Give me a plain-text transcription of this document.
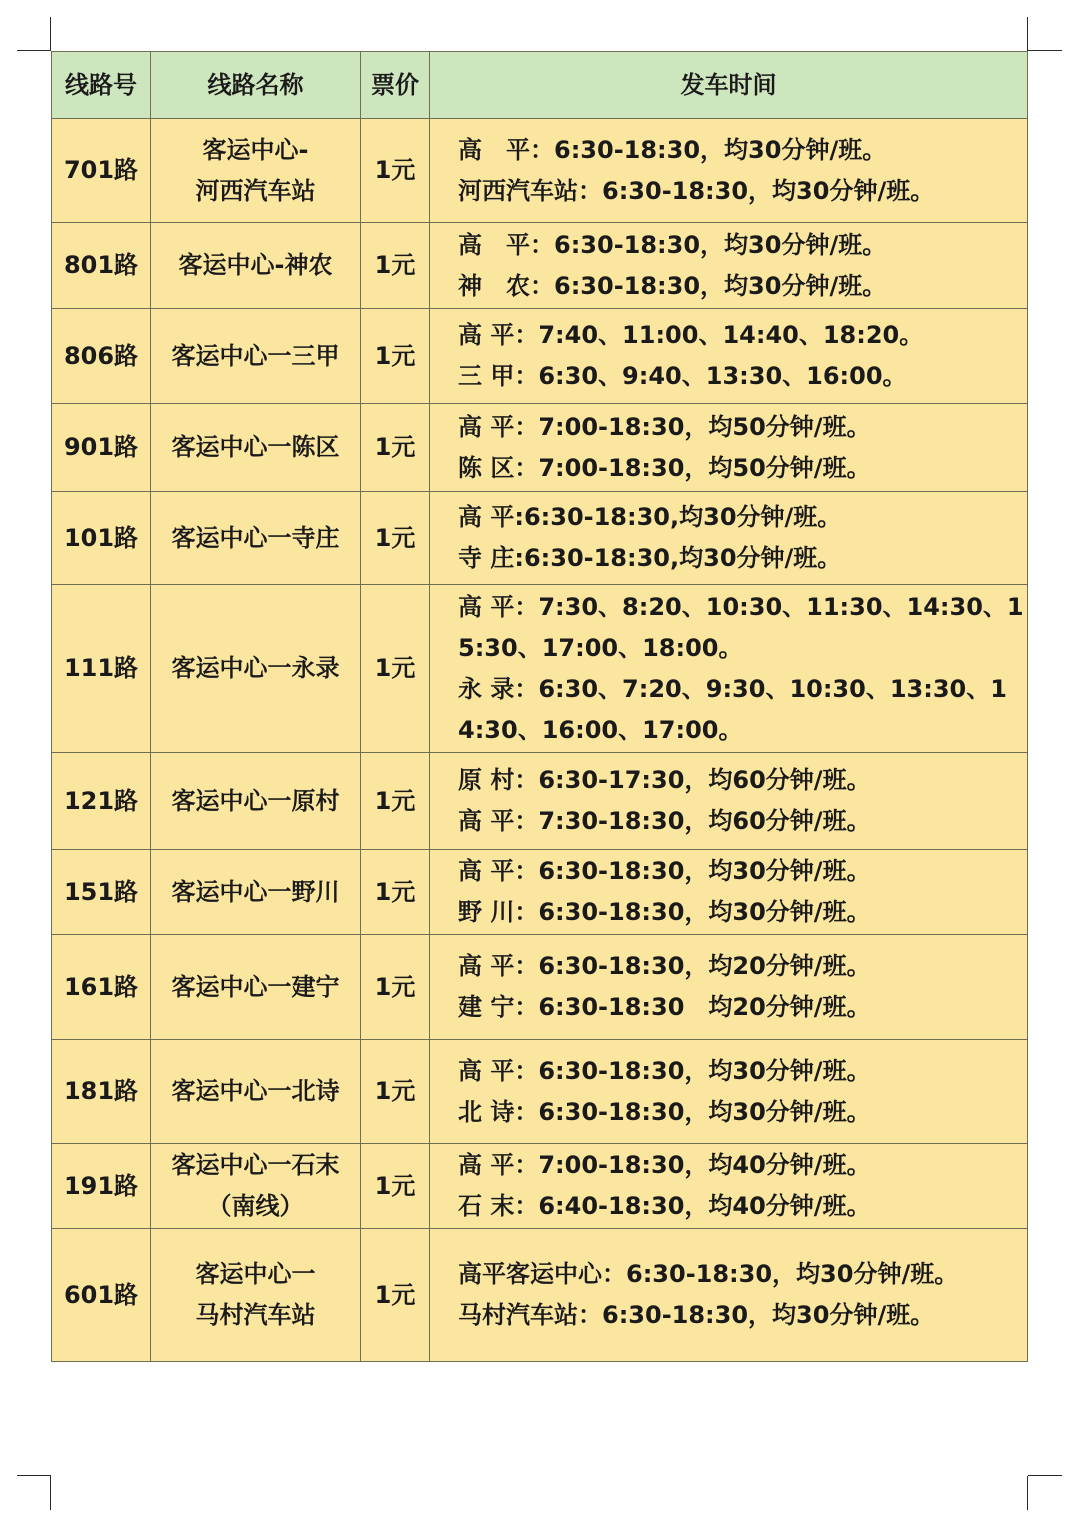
线路号	线路名称	票价	发车时间
701路	客运中心-
河西汽车站	1元	高　平：6:30-18:30，均30分钟/班。
河西汽车站：6:30-18:30，均30分钟/班。

801路	客运中心-神农	1元	高　平：6:30-18:30，均30分钟/班。
神　农：6:30-18:30，均30分钟/班。

806路	客运中心一三甲	1元	高 平：7:40、11:00、14:40、18:20。
三 甲：6:30、9:40、13:30、16:00。

901路	客运中心一陈区	1元	高 平：7:00-18:30，均50分钟/班。
陈 区：7:00-18:30，均50分钟/班。

101路	客运中心一寺庄	1元	高 平:6:30-18:30,均30分钟/班。
寺 庄:6:30-18:30,均30分钟/班。

111路	客运中心一永录	1元	高 平：7:30、8:20、10:30、11:30、14:30、15:30、17:00、18:00。
永 录：6:30、7:20、9:30、10:30、13:30、14:30、16:00、17:00。

121路	客运中心一原村	1元	原 村：6:30-17:30，均60分钟/班。
高 平：7:30-18:30，均60分钟/班。

151路	客运中心一野川	1元	高 平：6:30-18:30，均30分钟/班。
野 川：6:30-18:30，均30分钟/班。

161路	客运中心一建宁	1元	高 平：6:30-18:30，均20分钟/班。
建 宁：6:30-18:30　均20分钟/班。

181路	客运中心一北诗	1元	高 平：6:30-18:30，均30分钟/班。
北 诗：6:30-18:30，均30分钟/班。

191路	客运中心一石末
（南线）	1元	高 平：7:00-18:30，均40分钟/班。
石 末：6:40-18:30，均40分钟/班。

601路	客运中心一
马村汽车站	1元	高平客运中心：6:30-18:30，均30分钟/班。
马村汽车站：6:30-18:30，均30分钟/班。
